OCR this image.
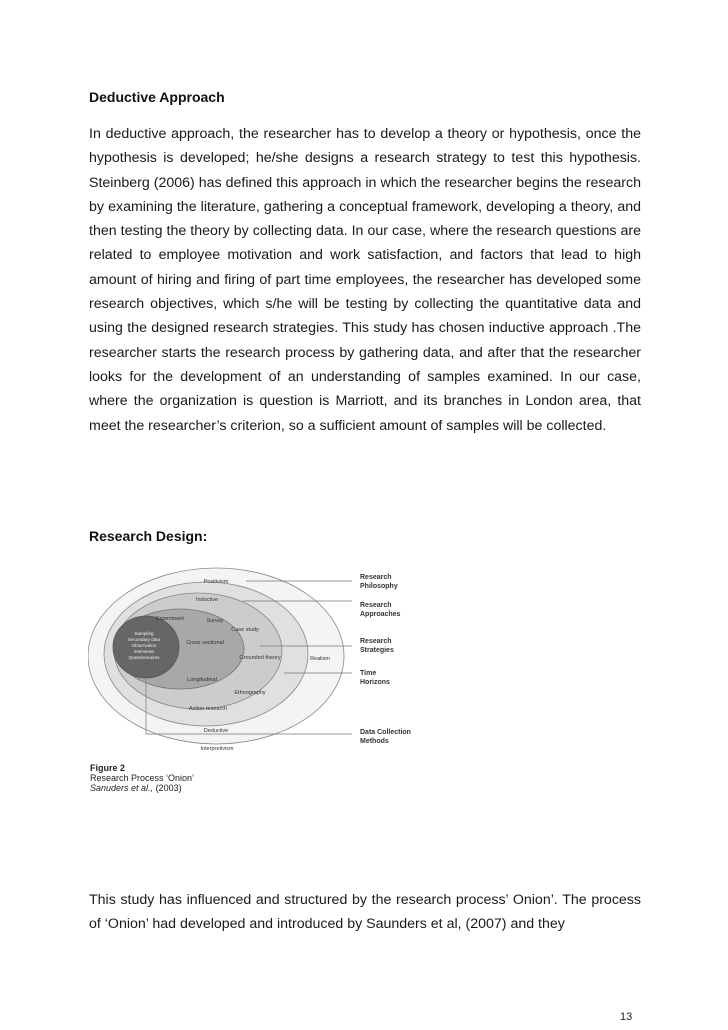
Deductive Approach

In deductive approach, the researcher has to develop a theory or hypothesis, once the hypothesis is developed; he/she designs a research strategy to test this hypothesis. Steinberg (2006) has defined this approach in which the researcher begins the research by examining the literature, gathering a conceptual framework, developing a theory, and then testing the theory by collecting data. In our case, where the research questions are related to employee motivation and work satisfaction, and factors that lead to high amount of hiring and firing of part time employees, the researcher has developed some research objectives, which s/he will be testing by collecting the quantitative data and using the designed research strategies. This study has chosen inductive approach .The researcher starts the research process by gathering data, and after that the researcher looks for the development of an understanding of samples examined. In our case, where the organization is question is Marriott, and its branches in London area, that meet the researcher’s criterion, so a sufficient amount of samples will be collected.

Research Design:
Positivism
Inductive
Experiment	Survey
Case study
Cross sectional
Grounded theory	Realism
Longitudinal
Ethnography
Action research
Deductive
Interpretivism
Sampling
Secondary data
Observation
Interviews
Questionnaires
Research
Philosophy
Research
Approaches
Research
Strategies
Time
Horizons
Data Collection
Methods
Figure 2
Research Process ‘Onion’
Sanuders et al., (2003)

This study has influenced and structured by the research process’ Onion’. The process of ‘Onion’ had developed and introduced by Saunders et al, (2007) and they

13
